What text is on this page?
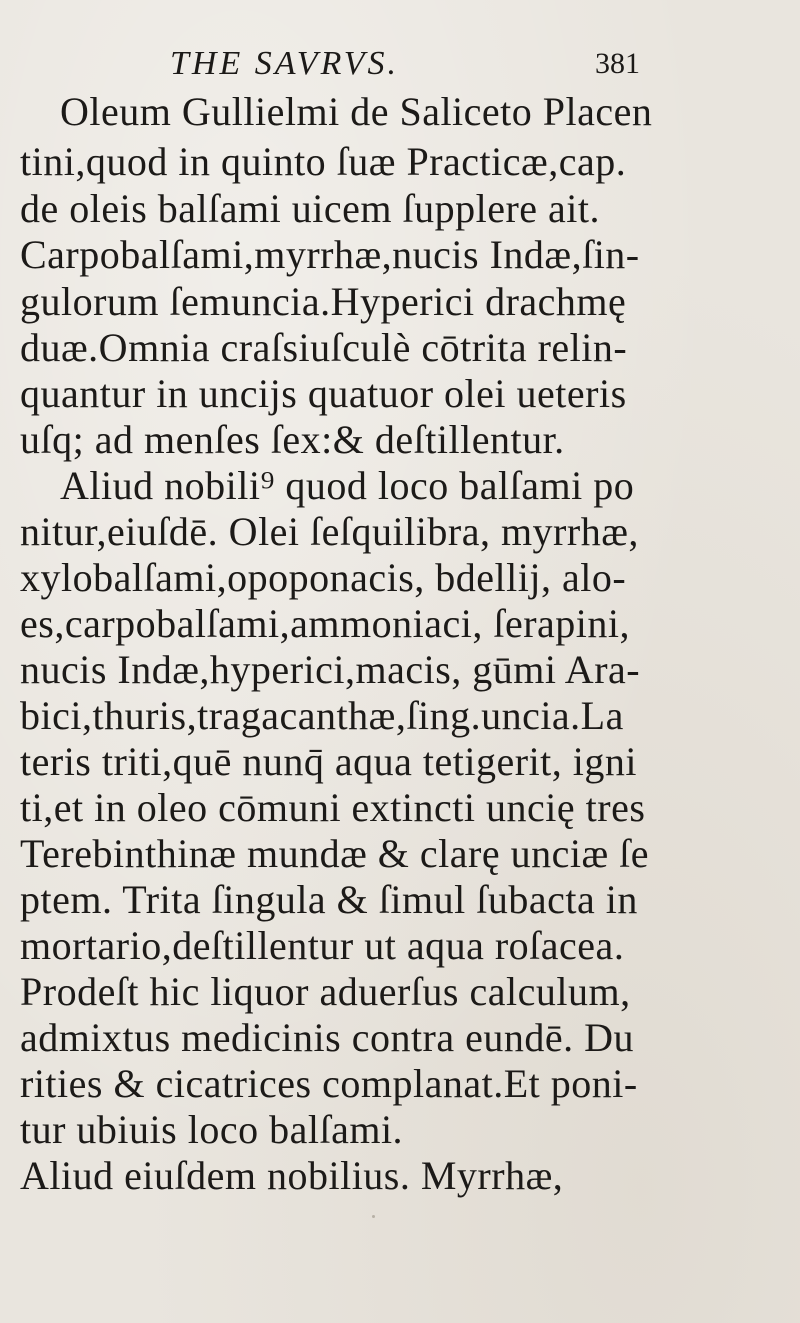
THE SAVRVS.	381
Oleum Gullielmi de Saliceto Placen
tini,quod in quinto ſuæ Practicæ,cap.
de oleis balſami uicem ſupplere ait.
Carpobalſami,myrrhæ,nucis Indæ,ſin-
gulorum ſemuncia.Hyperici drachmę
duæ.Omnia craſsiuſculè cōtrita relin-
quantur in uncijs quatuor olei ueteris
uſq; ad menſes ſex:& deſtillentur.
Aliud nobili⁹ quod loco balſami po
nitur,eiuſdē. Olei ſeſquilibra, myrrhæ,
xylobalſami,opoponacis, bdellij, alo-
es,carpobalſami,ammoniaci, ſerapini,
nucis Indæ,hyperici,macis, gūmi Ara-
bici,thuris,tragacanthæ,ſing.uncia.La
teris triti,quē nunq̄ aqua tetigerit, igni
ti,et in oleo cōmuni extincti uncię tres
Terebinthinæ mundæ & clarę unciæ ſe
ptem. Trita ſingula & ſimul ſubacta in
mortario,deſtillentur ut aqua roſacea.
Prodeſt hic liquor aduerſus calculum,
admixtus medicinis contra eundē. Du
rities & cicatrices complanat.Et poni-
tur ubiuis loco balſami.
Aliud eiuſdem nobilius. Myrrhæ,
